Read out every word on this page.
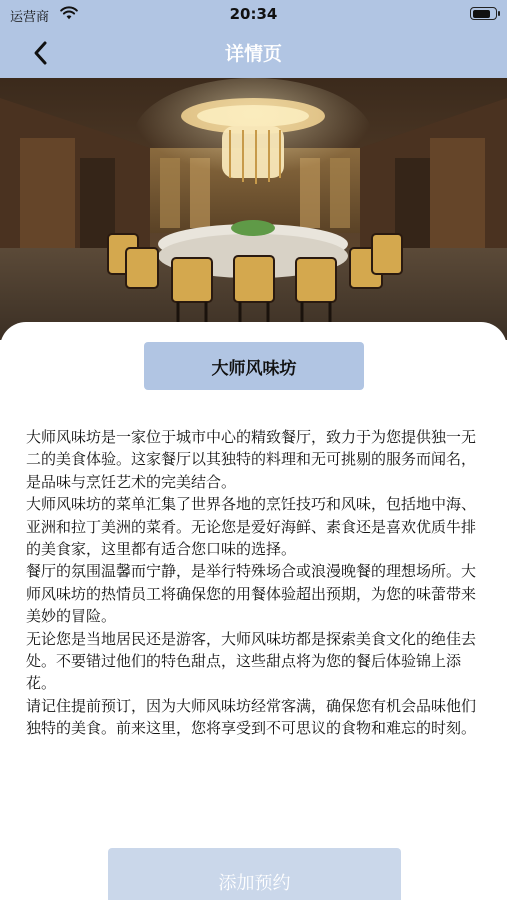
运营商	20:34
详情页
大师风味坊

大师风味坊是一家位于城市中心的精致餐厅，致力于为您提供独一无二的美食体验。这家餐厅以其独特的料理和无可挑剔的服务而闻名，是品味与烹饪艺术的完美结合。

大师风味坊的菜单汇集了世界各地的烹饪技巧和风味，包括地中海、亚洲和拉丁美洲的菜肴。无论您是爱好海鲜、素食还是喜欢优质牛排的美食家，这里都有适合您口味的选择。

餐厅的氛围温馨而宁静，是举行特殊场合或浪漫晚餐的理想场所。大师风味坊的热情员工将确保您的用餐体验超出预期，为您的味蕾带来美妙的冒险。

无论您是当地居民还是游客，大师风味坊都是探索美食文化的绝佳去处。不要错过他们的特色甜点，这些甜点将为您的餐后体验锦上添花。

请记住提前预订，因为大师风味坊经常客满，确保您有机会品味他们独特的美食。前来这里，您将享受到不可思议的食物和难忘的时刻。

添加预约
